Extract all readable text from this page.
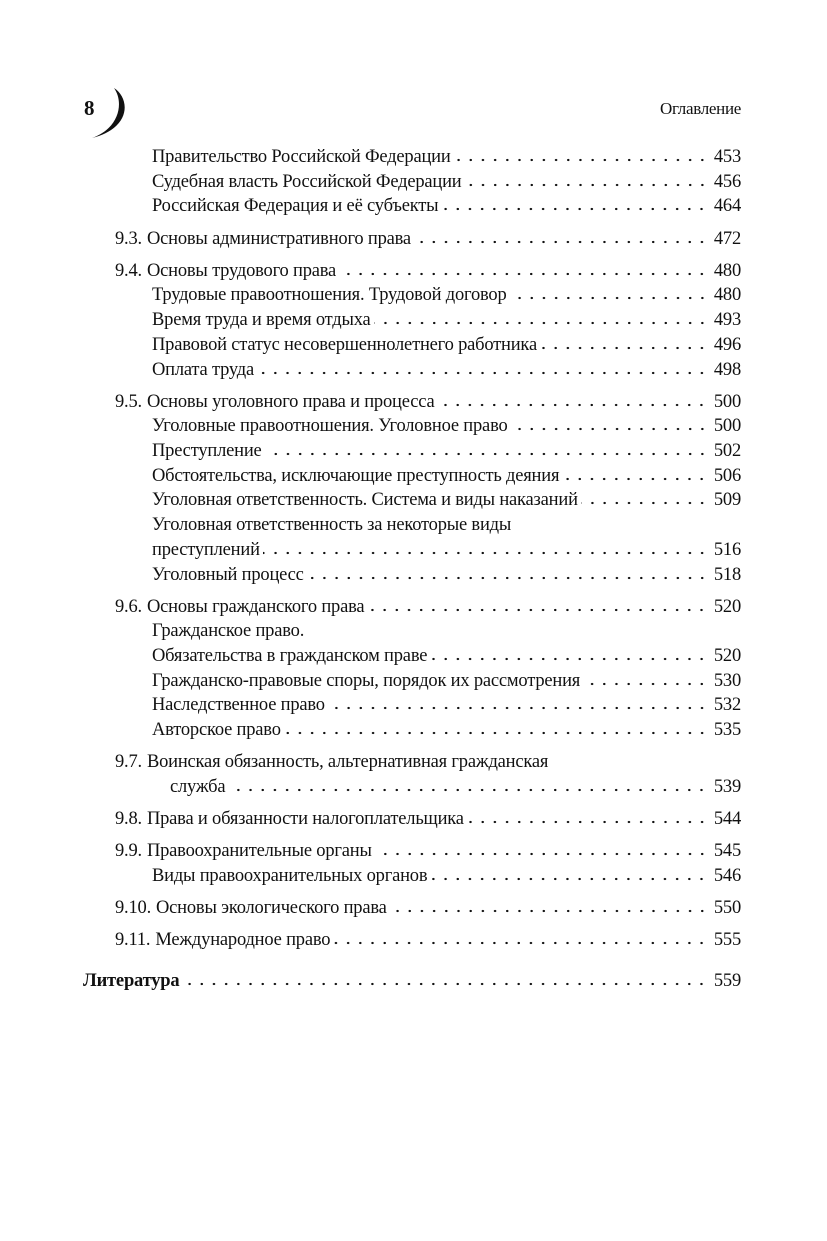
8	Оглавление
Правительство Российской Федерации	453
Судебная власть Российской Федерации	456
Российская Федерация и её субъекты	464
9.3. Основы административного права	472
9.4. Основы трудового права	480
Трудовые правоотношения. Трудовой договор	480
Время труда и время отдыха	493
Правовой статус несовершеннолетнего работника	496
Оплата труда	498
9.5. Основы уголовного права и процесса	500
Уголовные правоотношения. Уголовное право	500
Преступление	502
Обстоятельства, исключающие преступность деяния	506
Уголовная ответственность. Система и виды наказаний	509
Уголовная ответственность за некоторые виды
преступлений	516
Уголовный процесс	518
9.6. Основы гражданского права	520
Гражданское право.
Обязательства в гражданском праве	520
Гражданско-правовые споры, порядок их рассмотрения	530
Наследственное право	532
Авторское право	535
9.7. Воинская обязанность, альтернативная гражданская
служба	539
9.8. Права и обязанности налогоплательщика	544
9.9. Правоохранительные органы	545
Виды правоохранительных органов	546
9.10. Основы экологического права	550
9.11. Международное право	555
Литература	559
